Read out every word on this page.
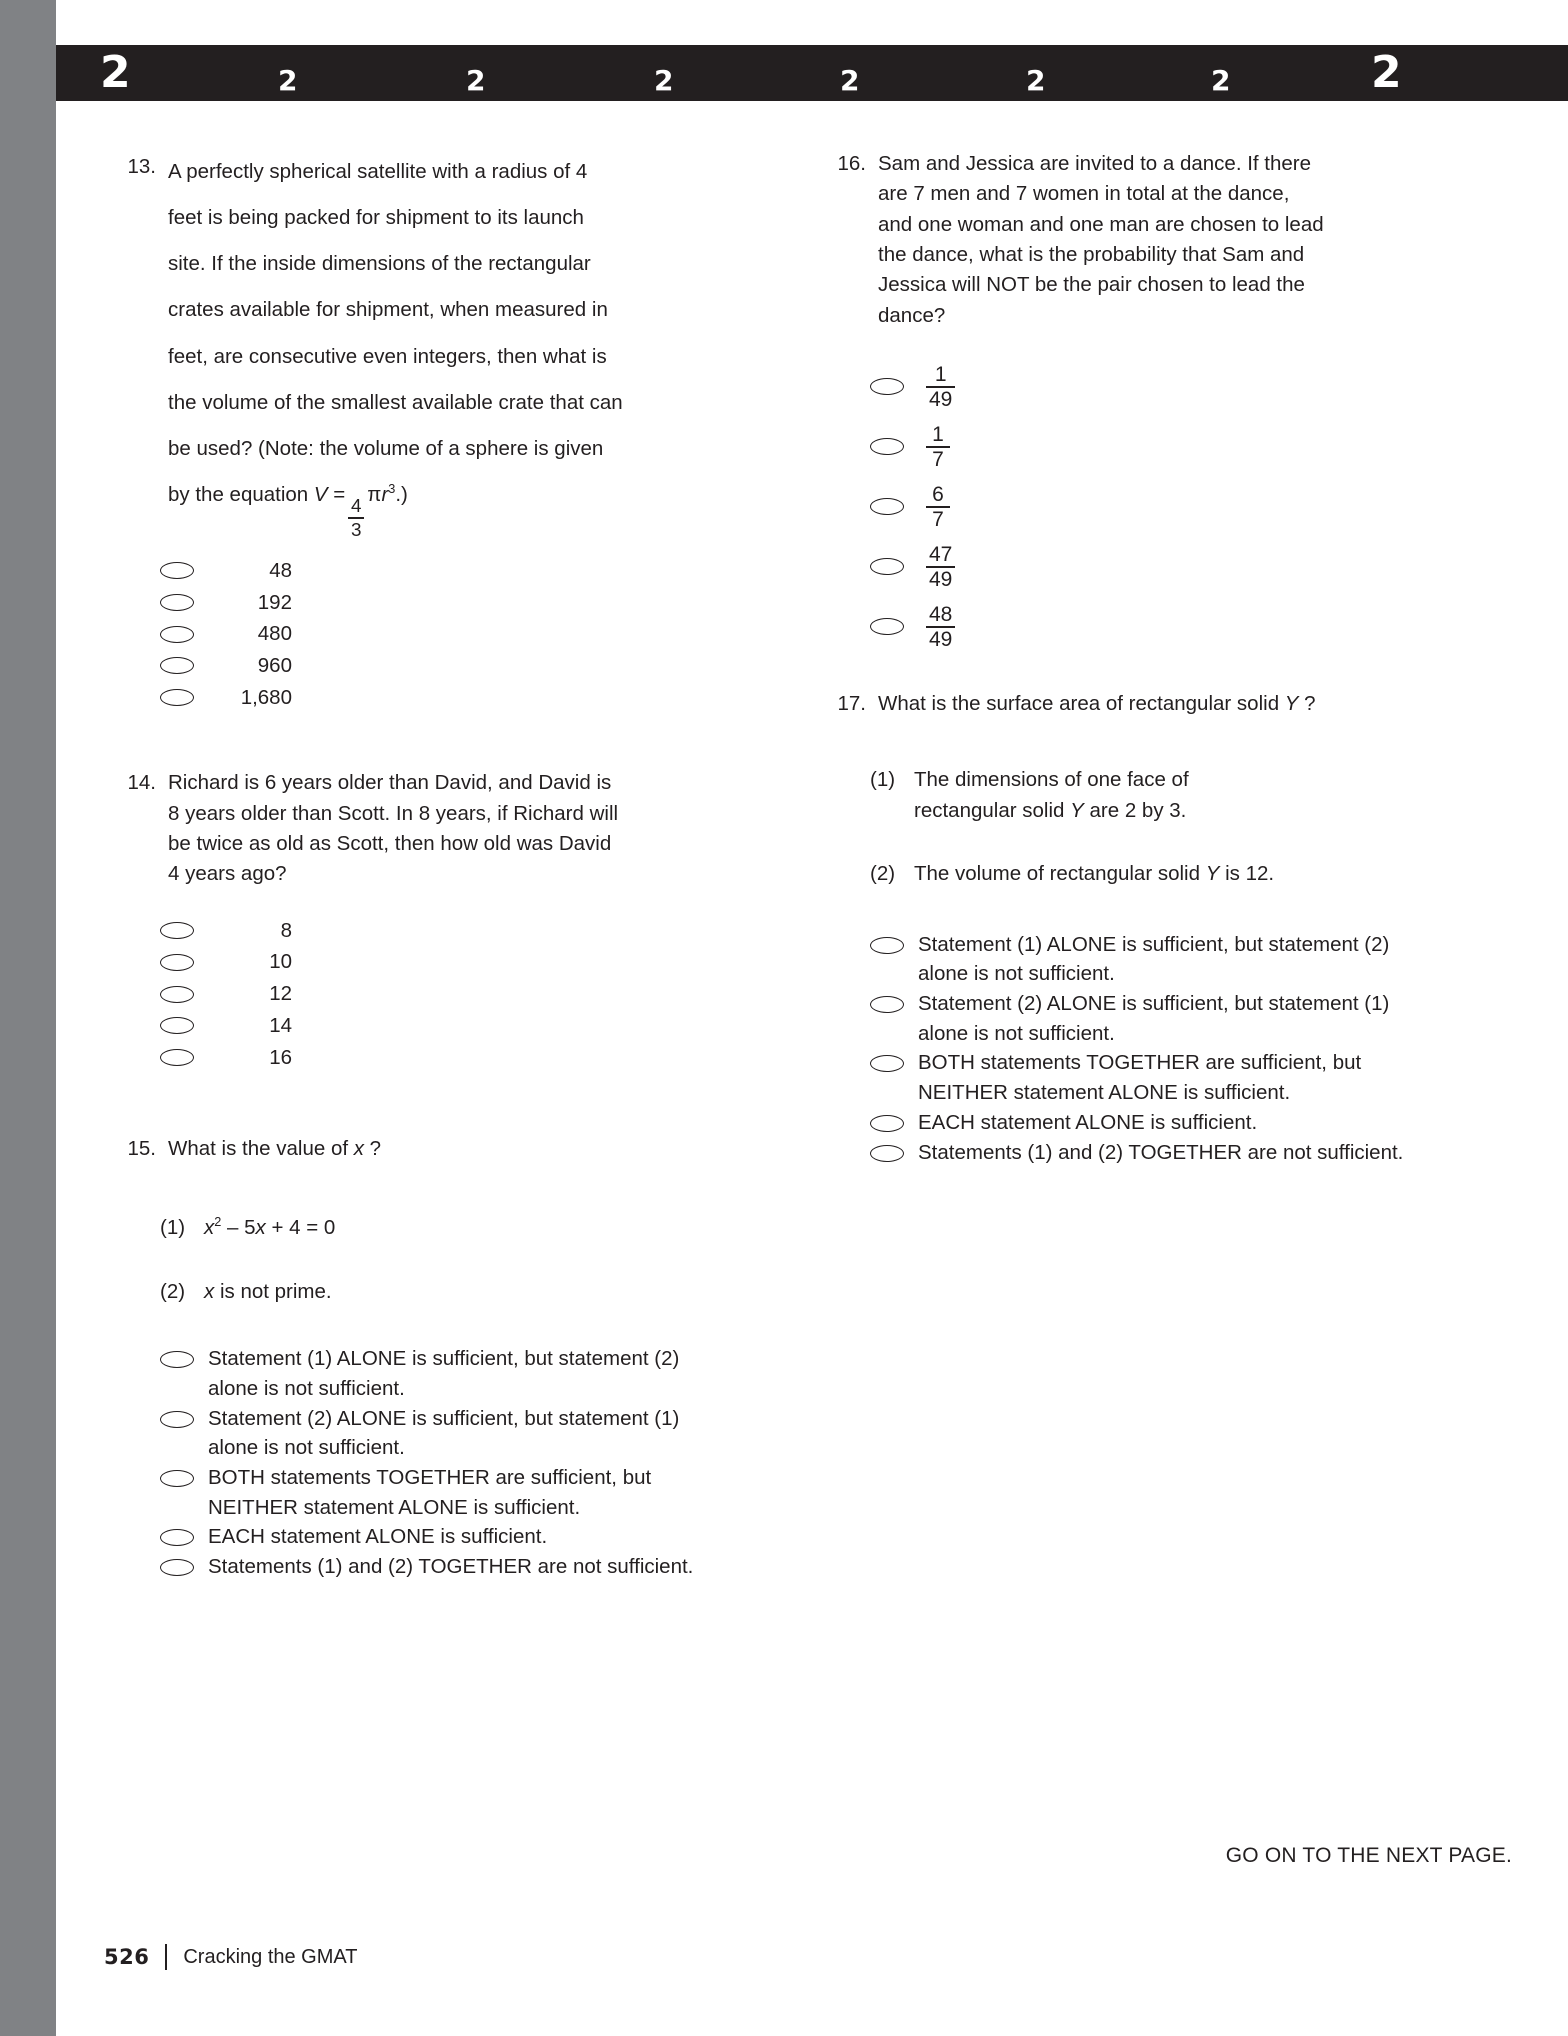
2	2	2	2	2	2	2	2
13. A perfectly spherical satellite with a radius of 4
feet is being packed for shipment to its launch
site. If the inside dimensions of the rectangular
crates available for shipment, when measured in
feet, are consecutive even integers, then what is
the volume of the smallest available crate that can
be used? (Note: the volume of a sphere is given
by the equation V =
$\frac{4}{3}$
$\pi r^3$.)
48
192
480
960
1,680
14. Richard is 6 years older than David, and David is
8 years older than Scott. In 8 years, if Richard will
be twice as old as Scott, then how old was David
4 years ago?
8
10
12
14
16
15. What is the value of x ?
(1) $x^2 - 5x + 4 = 0$
(2) x is not prime.
Statement (1) ALONE is sufficient, but statement (2) alone is not sufficient.
Statement (2) ALONE is sufficient, but statement (1) alone is not sufficient.
BOTH statements TOGETHER are sufficient, but NEITHER statement ALONE is sufficient.
EACH statement ALONE is sufficient.
Statements (1) and (2) TOGETHER are not sufficient.
16. Sam and Jessica are invited to a dance. If there
are 7 men and 7 women in total at the dance,
and one woman and one man are chosen to lead
the dance, what is the probability that Sam and
Jessica will NOT be the pair chosen to lead the
dance?
$\frac{1}{49}$
$\frac{1}{7}$
$\frac{6}{7}$
$\frac{47}{49}$
$\frac{48}{49}$
17. What is the surface area of rectangular solid Y ?
(1) The dimensions of one face of
rectangular solid Y are 2 by 3.
(2) The volume of rectangular solid Y is 12.
Statement (1) ALONE is sufficient, but statement (2) alone is not sufficient.
Statement (2) ALONE is sufficient, but statement (1) alone is not sufficient.
BOTH statements TOGETHER are sufficient, but NEITHER statement ALONE is sufficient.
EACH statement ALONE is sufficient.
Statements (1) and (2) TOGETHER are not sufficient.
GO ON TO THE NEXT PAGE.
526 Cracking the GMAT
